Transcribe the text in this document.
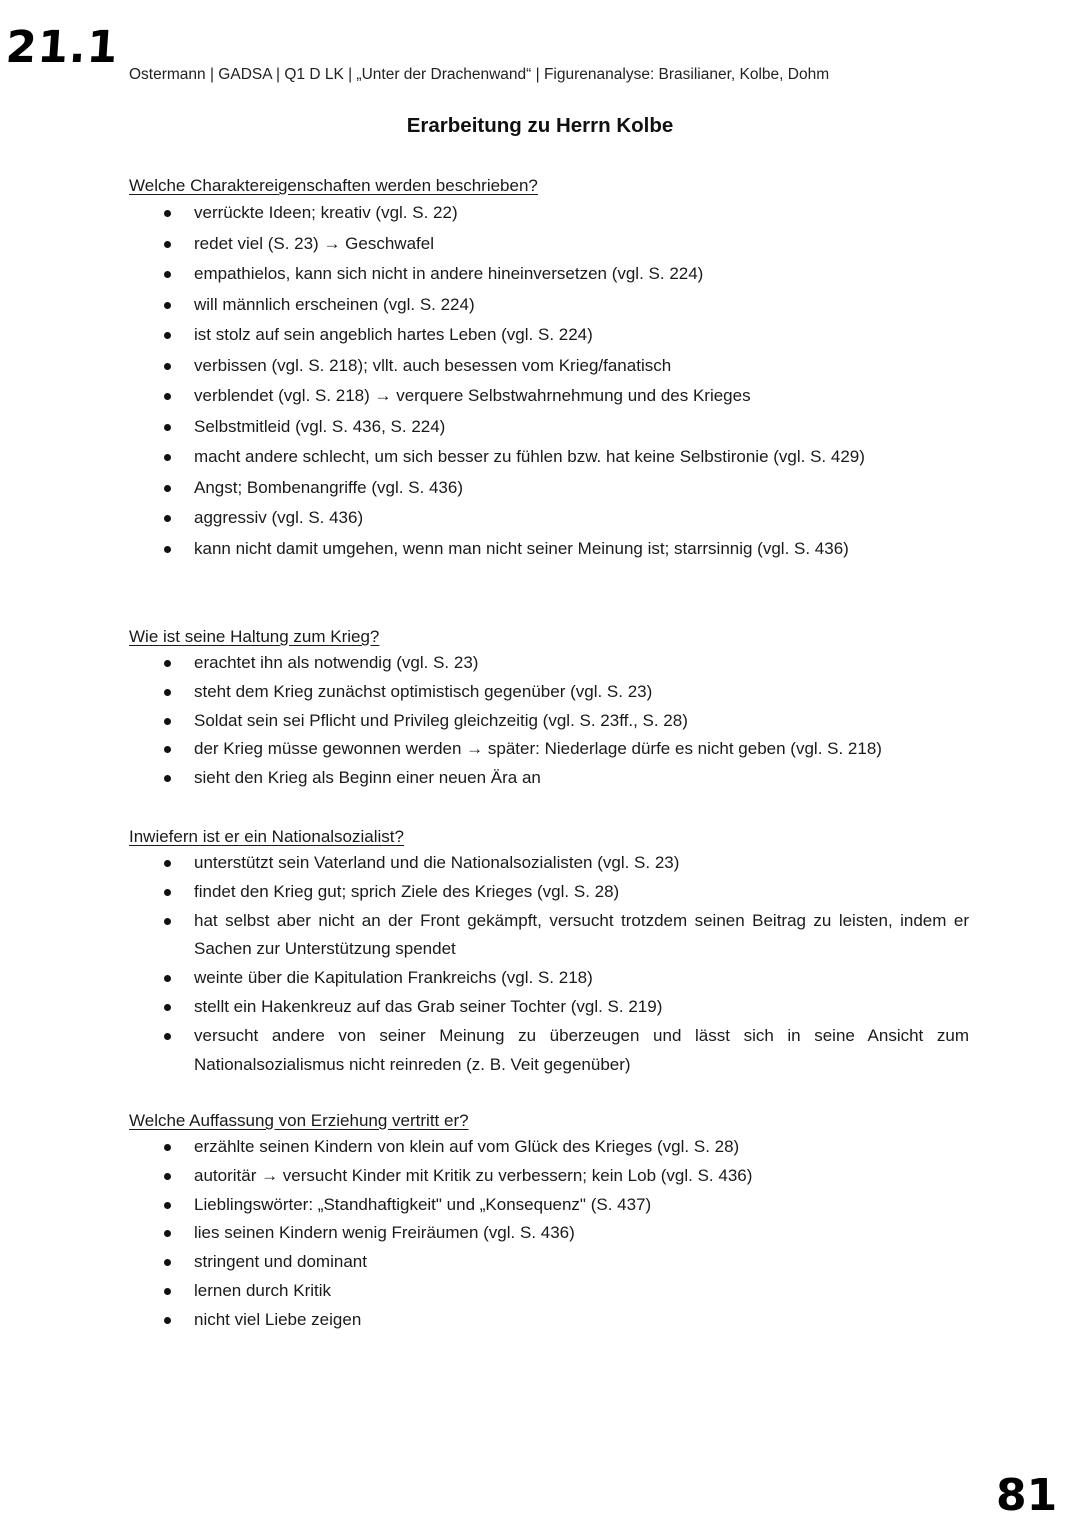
21.1
Ostermann | GADSA | Q1 D LK | „Unter der Drachenwand“ | Figurenanalyse: Brasilianer, Kolbe, Dohm
Erarbeitung zu Herrn Kolbe

Welche Charaktereigenschaften werden beschrieben?

verrückte Ideen; kreativ (vgl. S. 22)
redet viel (S. 23) → Geschwafel
empathielos, kann sich nicht in andere hineinversetzen (vgl. S. 224)
will männlich erscheinen (vgl. S. 224)
ist stolz auf sein angeblich hartes Leben (vgl. S. 224)
verbissen (vgl. S. 218); vllt. auch besessen vom Krieg/fanatisch
verblendet (vgl. S. 218) → verquere Selbstwahrnehmung und des Krieges
Selbstmitleid (vgl. S. 436, S. 224)
macht andere schlecht, um sich besser zu fühlen bzw. hat keine Selbstironie (vgl. S. 429)
Angst; Bombenangriffe (vgl. S. 436)
aggressiv (vgl. S. 436)
kann nicht damit umgehen, wenn man nicht seiner Meinung ist; starrsinnig (vgl. S. 436)

Wie ist seine Haltung zum Krieg?

erachtet ihn als notwendig (vgl. S. 23)
steht dem Krieg zunächst optimistisch gegenüber (vgl. S. 23)
Soldat sein sei Pflicht und Privileg gleichzeitig (vgl. S. 23ff., S. 28)
der Krieg müsse gewonnen werden → später: Niederlage dürfe es nicht geben (vgl. S. 218)
sieht den Krieg als Beginn einer neuen Ära an

Inwiefern ist er ein Nationalsozialist?

unterstützt sein Vaterland und die Nationalsozialisten (vgl. S. 23)
findet den Krieg gut; sprich Ziele des Krieges (vgl. S. 28)
hat selbst aber nicht an der Front gekämpft, versucht trotzdem seinen Beitrag zu leisten, indem er Sachen zur Unterstützung spendet
weinte über die Kapitulation Frankreichs (vgl. S. 218)
stellt ein Hakenkreuz auf das Grab seiner Tochter (vgl. S. 219)
versucht andere von seiner Meinung zu überzeugen und lässt sich in seine Ansicht zum Nationalsozialismus nicht reinreden (z. B. Veit gegenüber)

Welche Auffassung von Erziehung vertritt er?

erzählte seinen Kindern von klein auf vom Glück des Krieges (vgl. S. 28)
autoritär → versucht Kinder mit Kritik zu verbessern; kein Lob (vgl. S. 436)
Lieblingswörter: „Standhaftigkeit" und „Konsequenz" (S. 437)
lies seinen Kindern wenig Freiräumen (vgl. S. 436)
stringent und dominant
lernen durch Kritik
nicht viel Liebe zeigen
81
